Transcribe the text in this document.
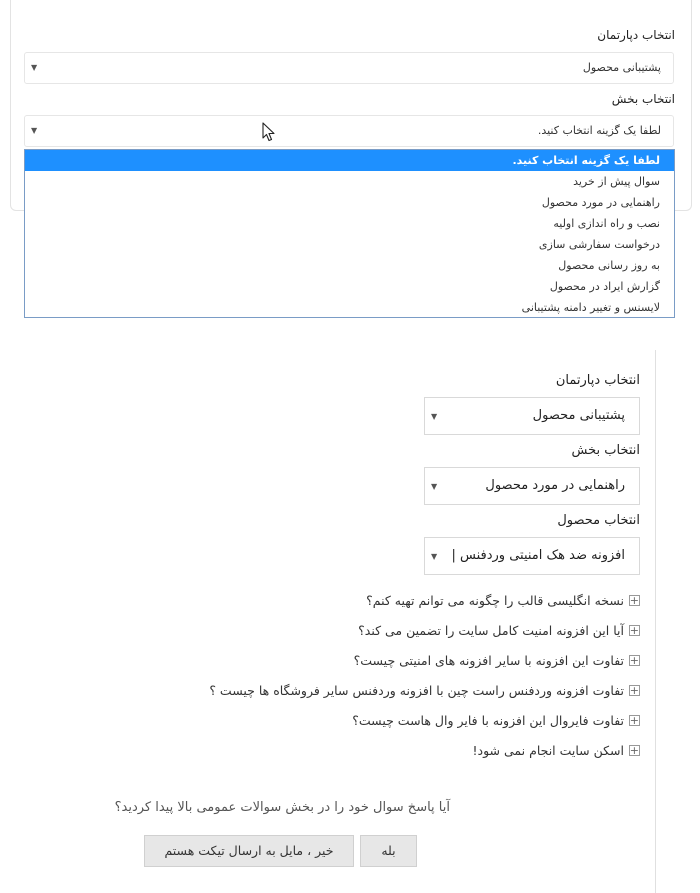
انتخاب دپارتمان
پشتیبانی محصول
▼
انتخاب بخش
لطفا یک گزینه انتخاب کنید.
▼
لطفا یک گزینه انتخاب کنید.
سوال پیش از خرید
راهنمایی در مورد محصول
نصب و راه اندازی اولیه
درخواست سفارشی سازی
به روز رسانی محصول
گزارش ایراد در محصول
لایسنس و تغییر دامنه پشتیبانی
انتخاب دپارتمان
پشتیبانی محصول
▼
انتخاب بخش
راهنمایی در مورد محصول
▼
انتخاب محصول
افزونه ضد هک امنیتی وردفنس |
▼
+
نسخه انگلیسی قالب را چگونه می توانم تهیه کنم؟
+
آیا این افزونه امنیت کامل سایت را تضمین می کند؟
+
تفاوت این افزونه با سایر افزونه های امنیتی چیست؟
+
تفاوت افزونه وردفنس راست چین با افزونه وردفنس سایر فروشگاه ها چیست ؟
+
تفاوت فایروال این افزونه با فایر وال هاست چیست؟
+
اسکن سایت انجام نمی شود!
آیا پاسخ سوال خود را در بخش سوالات عمومی بالا پیدا کردید؟
بله
خیر ، مایل به ارسال تیکت هستم
